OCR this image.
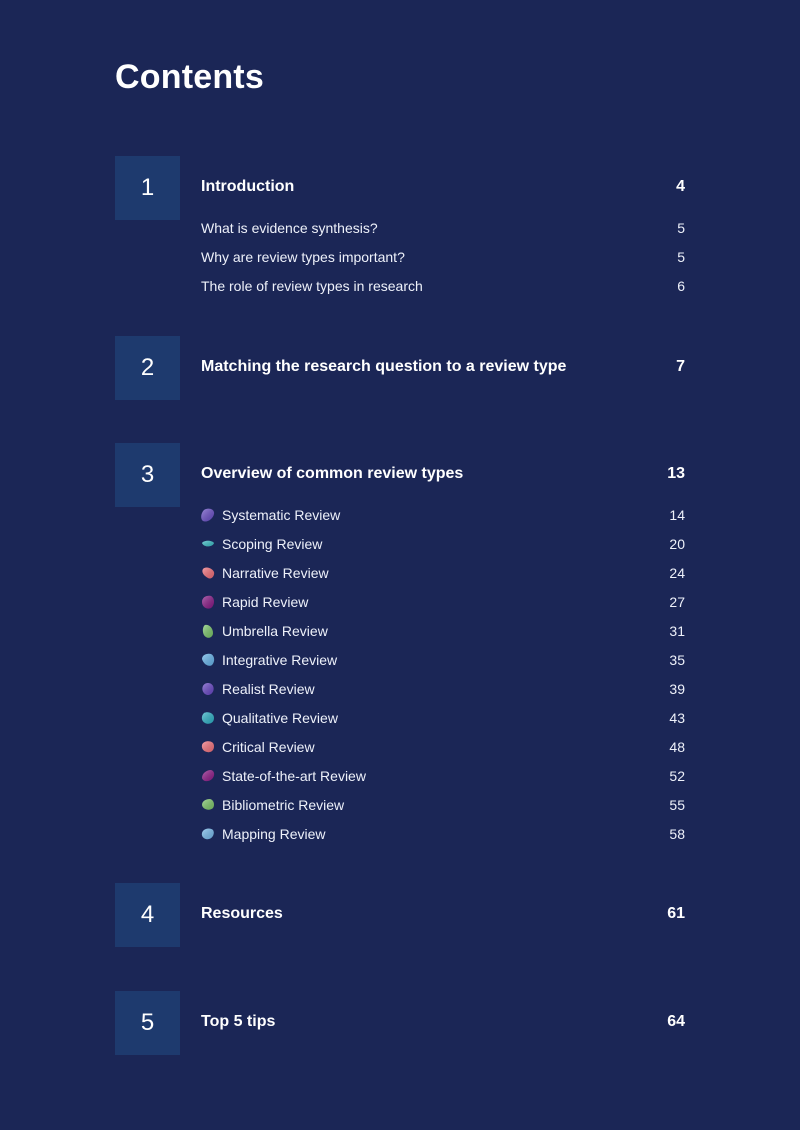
Contents
1	Introduction	4
What is evidence synthesis?	5
Why are review types important?	5
The role of review types in research	6
2	Matching the research question to a review type	7
3	Overview of common review types	13
Systematic Review	14
Scoping Review	20
Narrative Review	24
Rapid Review	27
Umbrella Review	31
Integrative Review	35
Realist Review	39
Qualitative Review	43
Critical Review	48
State-of-the-art Review	52
Bibliometric Review	55
Mapping Review	58
4	Resources	61
5	Top 5 tips	64
